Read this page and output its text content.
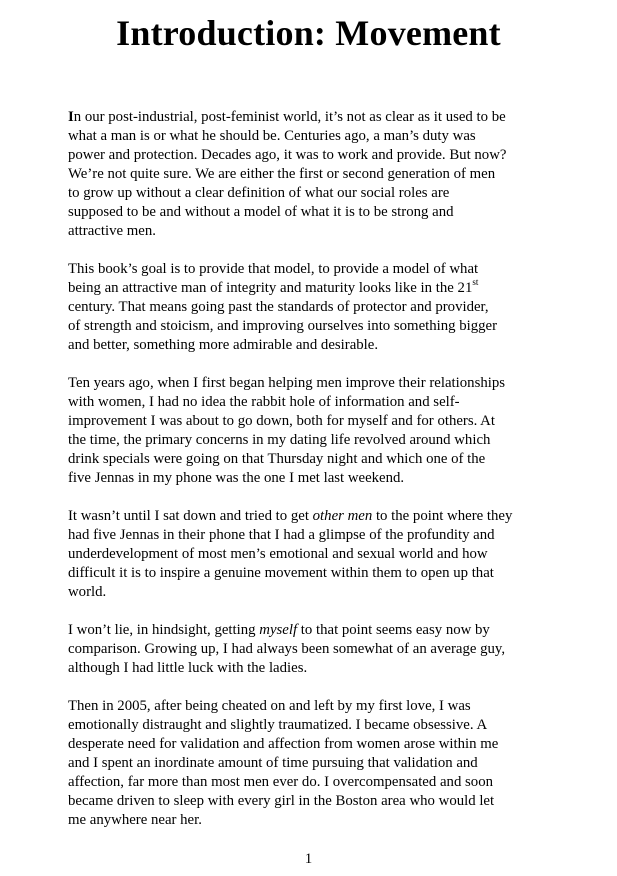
Introduction: Movement

In our post-industrial, post-feminist world, it’s not as clear as it used to be
what a man is or what he should be. Centuries ago, a man’s duty was
power and protection. Decades ago, it was to work and provide. But now?
We’re not quite sure. We are either the first or second generation of men
to grow up without a clear definition of what our social roles are
supposed to be and without a model of what it is to be strong and
attractive men.

This book’s goal is to provide that model, to provide a model of what
being an attractive man of integrity and maturity looks like in the 21st
century. That means going past the standards of protector and provider,
of strength and stoicism, and improving ourselves into something bigger
and better, something more admirable and desirable.

Ten years ago, when I first began helping men improve their relationships
with women, I had no idea the rabbit hole of information and self-
improvement I was about to go down, both for myself and for others. At
the time, the primary concerns in my dating life revolved around which
drink specials were going on that Thursday night and which one of the
five Jennas in my phone was the one I met last weekend.

It wasn’t until I sat down and tried to get other men to the point where they
had five Jennas in their phone that I had a glimpse of the profundity and
underdevelopment of most men’s emotional and sexual world and how
difficult it is to inspire a genuine movement within them to open up that
world.

I won’t lie, in hindsight, getting myself to that point seems easy now by
comparison. Growing up, I had always been somewhat of an average guy,
although I had little luck with the ladies.

Then in 2005, after being cheated on and left by my first love, I was
emotionally distraught and slightly traumatized. I became obsessive. A
desperate need for validation and affection from women arose within me
and I spent an inordinate amount of time pursuing that validation and
affection, far more than most men ever do. I overcompensated and soon
became driven to sleep with every girl in the Boston area who would let
me anywhere near her.

1
